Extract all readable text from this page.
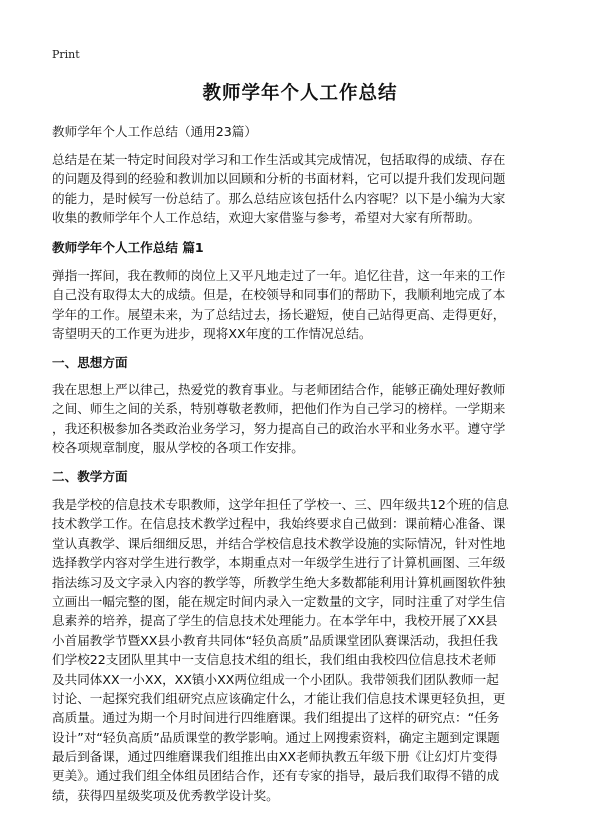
Print
教师学年个人工作总结

教师学年个人工作总结（通用23篇）

总结是在某一特定时间段对学习和工作生活或其完成情况，包括取得的成绩、存在
的问题及得到的经验和教训加以回顾和分析的书面材料，它可以提升我们发现问题
的能力，是时候写一份总结了。那么总结应该包括什么内容呢？以下是小编为大家
收集的教师学年个人工作总结，欢迎大家借鉴与参考，希望对大家有所帮助。

教师学年个人工作总结 篇1

弹指一挥间，我在教师的岗位上又平凡地走过了一年。追忆往昔，这一年来的工作
自己没有取得太大的成绩。但是，在校领导和同事们的帮助下，我顺利地完成了本
学年的工作。展望未来，为了总结过去，扬长避短，使自己站得更高、走得更好，
寄望明天的工作更为进步，现将XX年度的工作情况总结。

一、思想方面

我在思想上严以律己，热爱党的教育事业。与老师团结合作，能够正确处理好教师
之间、师生之间的关系，特别尊敬老教师，把他们作为自己学习的榜样。一学期来
，我还积极参加各类政治业务学习，努力提高自己的政治水平和业务水平。遵守学
校各项规章制度，服从学校的各项工作安排。

二、教学方面

我是学校的信息技术专职教师，这学年担任了学校一、三、四年级共12个班的信息
技术教学工作。在信息技术教学过程中，我始终要求自己做到：课前精心准备、课
堂认真教学、课后细细反思，并结合学校信息技术教学设施的实际情况，针对性地
选择教学内容对学生进行教学，本期重点对一年级学生进行了计算机画图、三年级
指法练习及文字录入内容的教学等，所教学生绝大多数都能利用计算机画图软件独
立画出一幅完整的图，能在规定时间内录入一定数量的文字，同时注重了对学生信
息素养的培养，提高了学生的信息技术处理能力。在本学年中，我校开展了XX县
小首届教学节暨XX县小教育共同体“轻负高质”品质课堂团队赛课活动，我担任我
们学校22支团队里其中一支信息技术组的组长，我们组由我校四位信息技术老师
及共同体XX一小XX，XX镇小XX两位组成一个小团队。我带领我们团队教师一起
讨论、一起探究我们组研究点应该确定什么，才能让我们信息技术课更轻负担，更
高质量。通过为期一个月时间进行四维磨课。我们组提出了这样的研究点：“任务
设计”对“轻负高质”品质课堂的教学影响。通过上网搜索资料，确定主题到定课题
最后到备课，通过四维磨课我们组推出由XX老师执教五年级下册《让幻灯片变得
更美》。通过我们组全体组员团结合作，还有专家的指导，最后我们取得不错的成
绩，获得四星级奖项及优秀教学设计奖。
